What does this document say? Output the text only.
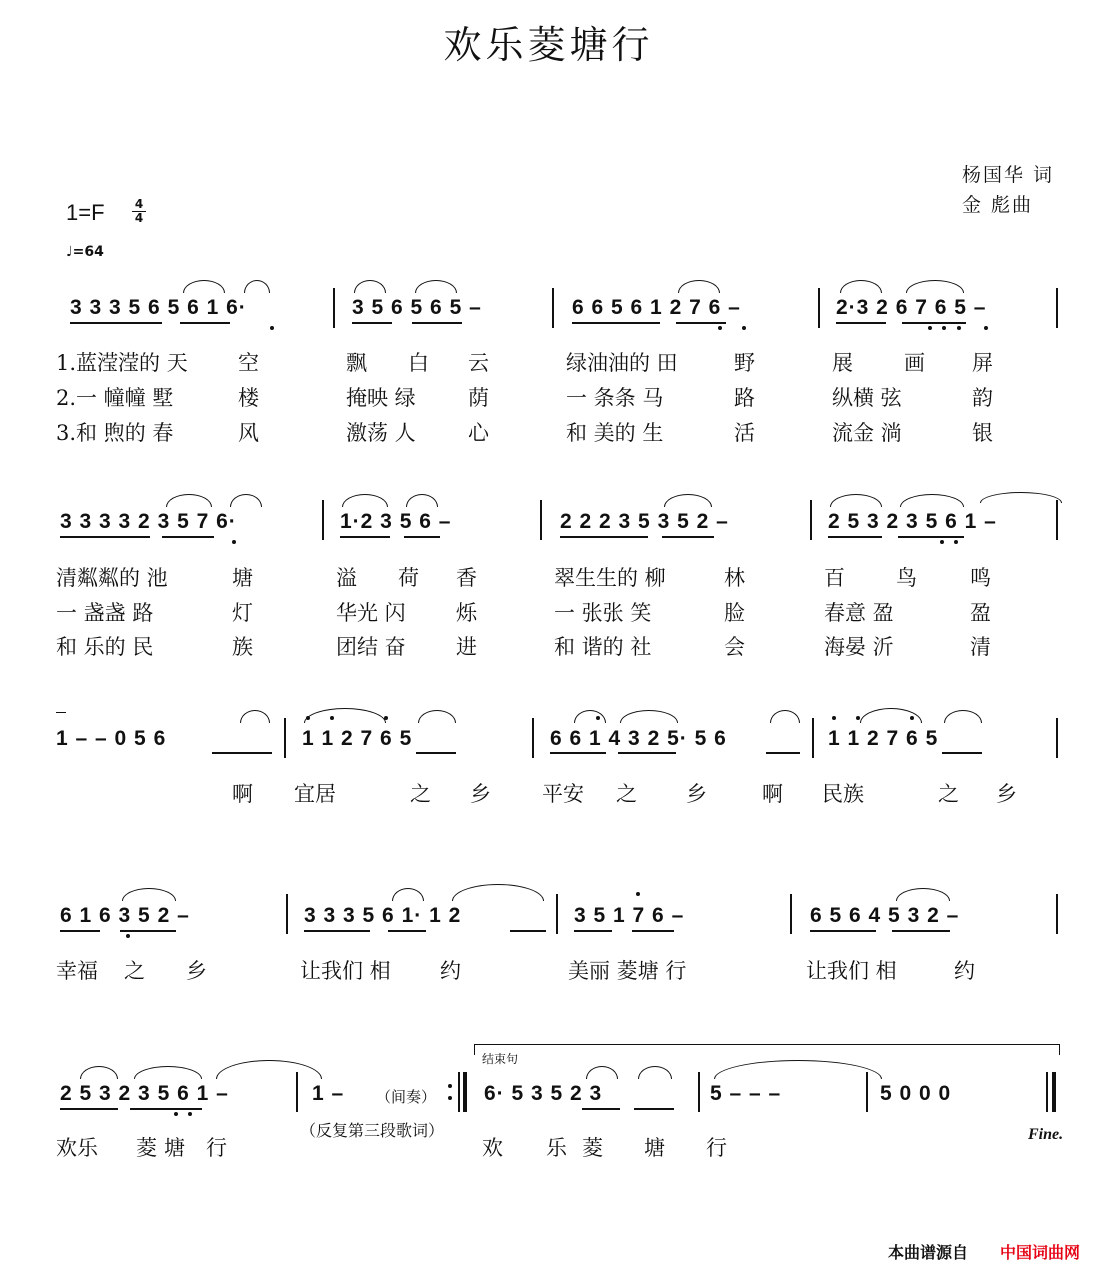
欢乐菱塘行
杨国华 词
金 彪曲
1=F	4
4
♩=64
3 3 3 5 6 5 6 1 6·	3 5 6 5 6 5 –	6 6 5 6 1 2 7 6 –	2·3 2 6 7 6 5 –
1.蓝滢滢的 天 空	飘 白 云	绿油油的 田	野	展 画 屏
2.一 幢幢 墅	楼	掩映 绿 荫	一 条条 马	路	纵横 弦	韵
3.和 煦的 春	风	激荡 人 心	和 美的 生	活	流金 淌	银
3 3 3 3 2 3 5 7 6·	1·2 3 5 6 –	2 2 2 3 5 3 5 2 –	2 5 3 2 3 5 6 1 –
清粼粼的 池	塘	溢 荷 香	翠生生的 柳	林	百 鸟	鸣
一 盏盏 路	灯	华光 闪 烁	一 张张 笑	脸	春意 盈	盈
和 乐的 民	族	团结 奋 进	和 谐的 社	会	海晏 沂	清
1 – – 0 5 6	1 1 2 7 6 5	6 6 1 4 3 2 5· 5 6	1 1 2 7 6 5
啊 宜居	之 乡 平安 之 乡	啊 民族	之 乡
6 1 6 3 5 2 –	3 3 3 5 6 1· 1 2	3 5 1 7 6 –	6 5 6 4 5 3 2 –
幸福 之 乡	让我们 相 约	美丽 菱塘 行	让我们 相	约
结束句
2 5 3 2 3 5 6 1 –	1 – （间奏）
（反复第三段歌词）
6· 5 3 5 2 3	5 – – –	5 0 0 0
Fine.
欢乐 菱 塘 行	欢 乐 菱 塘 行
本曲谱源自 中国词曲网
